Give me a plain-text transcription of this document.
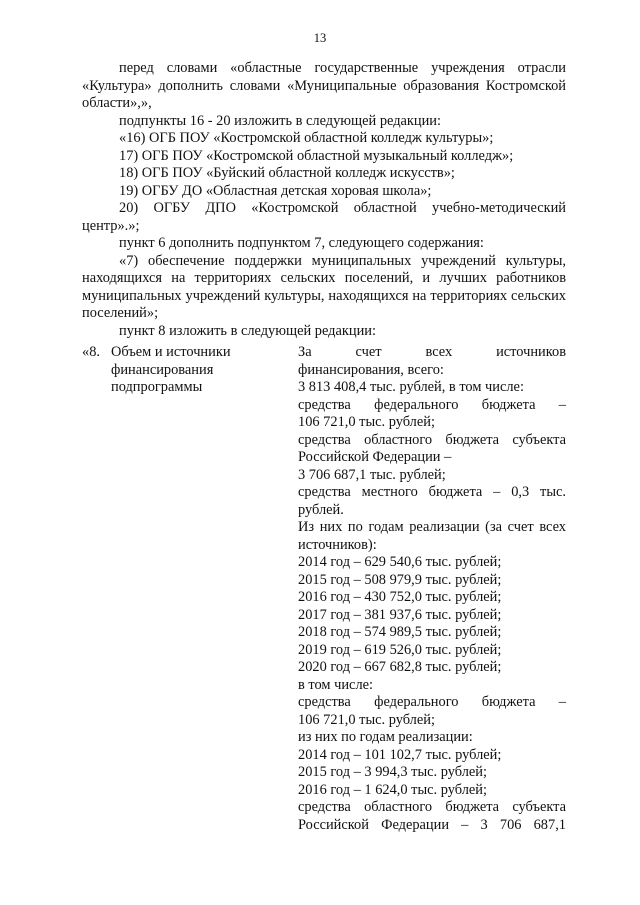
13

перед словами «областные государственные учреждения отрасли «Культура» дополнить словами «Муниципальные образования Костромской области»,»,

подпункты 16 - 20 изложить в следующей редакции:

«16) ОГБ ПОУ «Костромской областной колледж культуры»;

17) ОГБ ПОУ «Костромской областной музыкальный колледж»;

18) ОГБ ПОУ «Буйский областной колледж искусств»;

19) ОГБУ ДО «Областная детская хоровая школа»;

20) ОГБУ ДПО «Костромской областной учебно-методический центр».»;

пункт 6 дополнить подпунктом 7, следующего содержания:

«7) обеспечение поддержки муниципальных учреждений культуры, находящихся на территориях сельских поселений, и лучших работников муниципальных учреждений культуры, находящихся на территориях сельских поселений»;

пункт 8 изложить в следующей редакции:

«8. Объем и источники
финансирования
подпрограммы
За счет всех источников
финансирования, всего:
3 813 408,4 тыс. рублей, в том числе:
средства федерального бюджета –
106 721,0 тыс. рублей;
средства областного бюджета субъекта
Российской Федерации –
3 706 687,1 тыс. рублей;
средства местного бюджета – 0,3 тыс.
рублей.
Из них по годам реализации (за счет всех
источников):
2014 год – 629 540,6 тыс. рублей;
2015 год – 508 979,9 тыс. рублей;
2016 год – 430 752,0 тыс. рублей;
2017 год – 381 937,6 тыс. рублей;
2018 год – 574 989,5 тыс. рублей;
2019 год – 619 526,0 тыс. рублей;
2020 год – 667 682,8 тыс. рублей;
в том числе:
средства федерального бюджета –
106 721,0 тыс. рублей;
из них по годам реализации:
2014 год – 101 102,7 тыс. рублей;
2015 год – 3 994,3 тыс. рублей;
2016 год – 1 624,0 тыс. рублей;
средства областного бюджета субъекта
Российской Федерации – 3 706 687,1
